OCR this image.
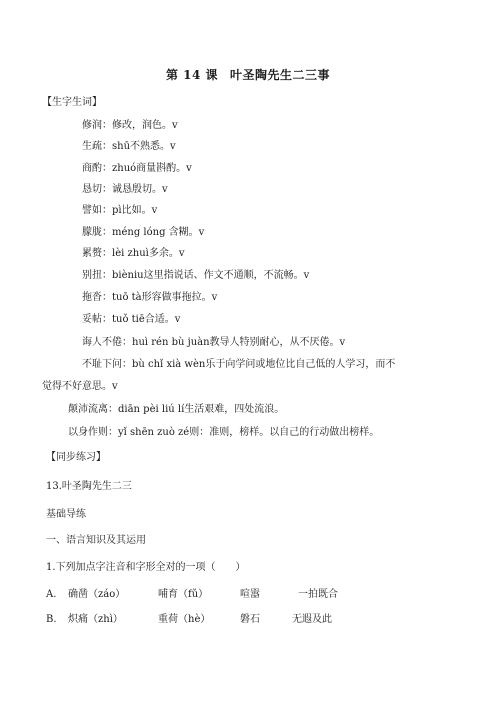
第 14 课 叶圣陶先生二三事
【生字生词】
修润：修改，润色。v
生疏：shū不熟悉。v
商酌：zhuó商量斟酌。v
恳切：诚恳殷切。v
譬如：pì比如。v
朦胧：méng lóng 含糊。v
累赘：lèi zhuì多余。v
别扭：bièniu这里指说话、作文不通顺，不流畅。v
拖沓：tuō tà形容做事拖拉。v
妥帖：tuǒ tiē合适。v
诲人不倦：huì rén bù juàn教导人特别耐心，从不厌倦。v
不耻下问：bù chǐ xià wèn乐于向学问或地位比自己低的人学习，而不
觉得不好意思。v
颠沛流离：diān pèi liú lí生活艰难，四处流浪。
以身作则：yǐ shēn zuò zé则：准则，榜样。以自己的行动做出榜样。
【同步练习】
13.叶圣陶先生二三
基础导练
一、语言知识及其运用
1.下列加点字注音和字形全对的一项（　　）
A. 确凿（záo）	哺育（fǔ）	喧嚣	一拍既合
B. 炽痛（zhì）	重荷（hè）	磐石	无遐及此
